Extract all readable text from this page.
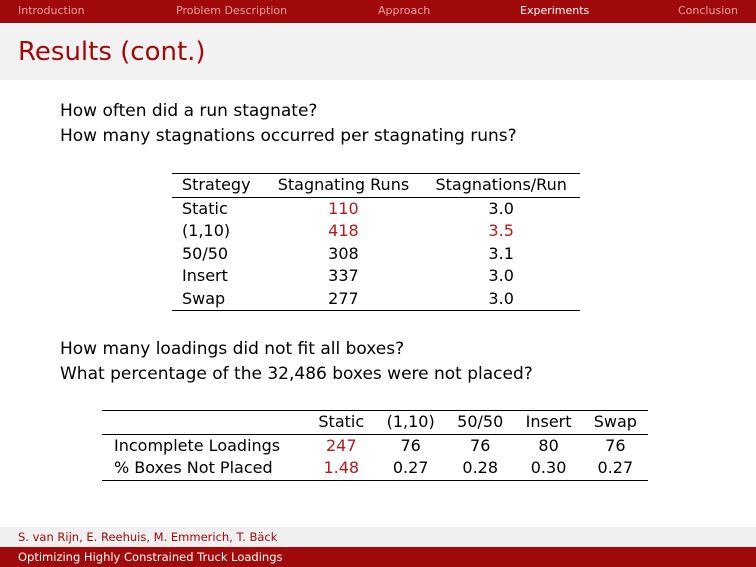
Introduction	Problem Description	Approach	Experiments	Conclusion
Results (cont.)
How often did a run stagnate?
How many stagnations occurred per stagnating runs?
Strategy	Stagnating Runs	Stagnations/Run
Static	110	3.0
(1,10)	418	3.5
50/50	308	3.1
Insert	337	3.0
Swap	277	3.0
How many loadings did not fit all boxes?
What percentage of the 32,486 boxes were not placed?
	Static	(1,10)	50/50	Insert	Swap
Incomplete Loadings	247	76	76	80	76
% Boxes Not Placed	1.48	0.27	0.28	0.30	0.27
S. van Rijn, E. Reehuis, M. Emmerich, T. Bäck
Optimizing Highly Constrained Truck Loadings
